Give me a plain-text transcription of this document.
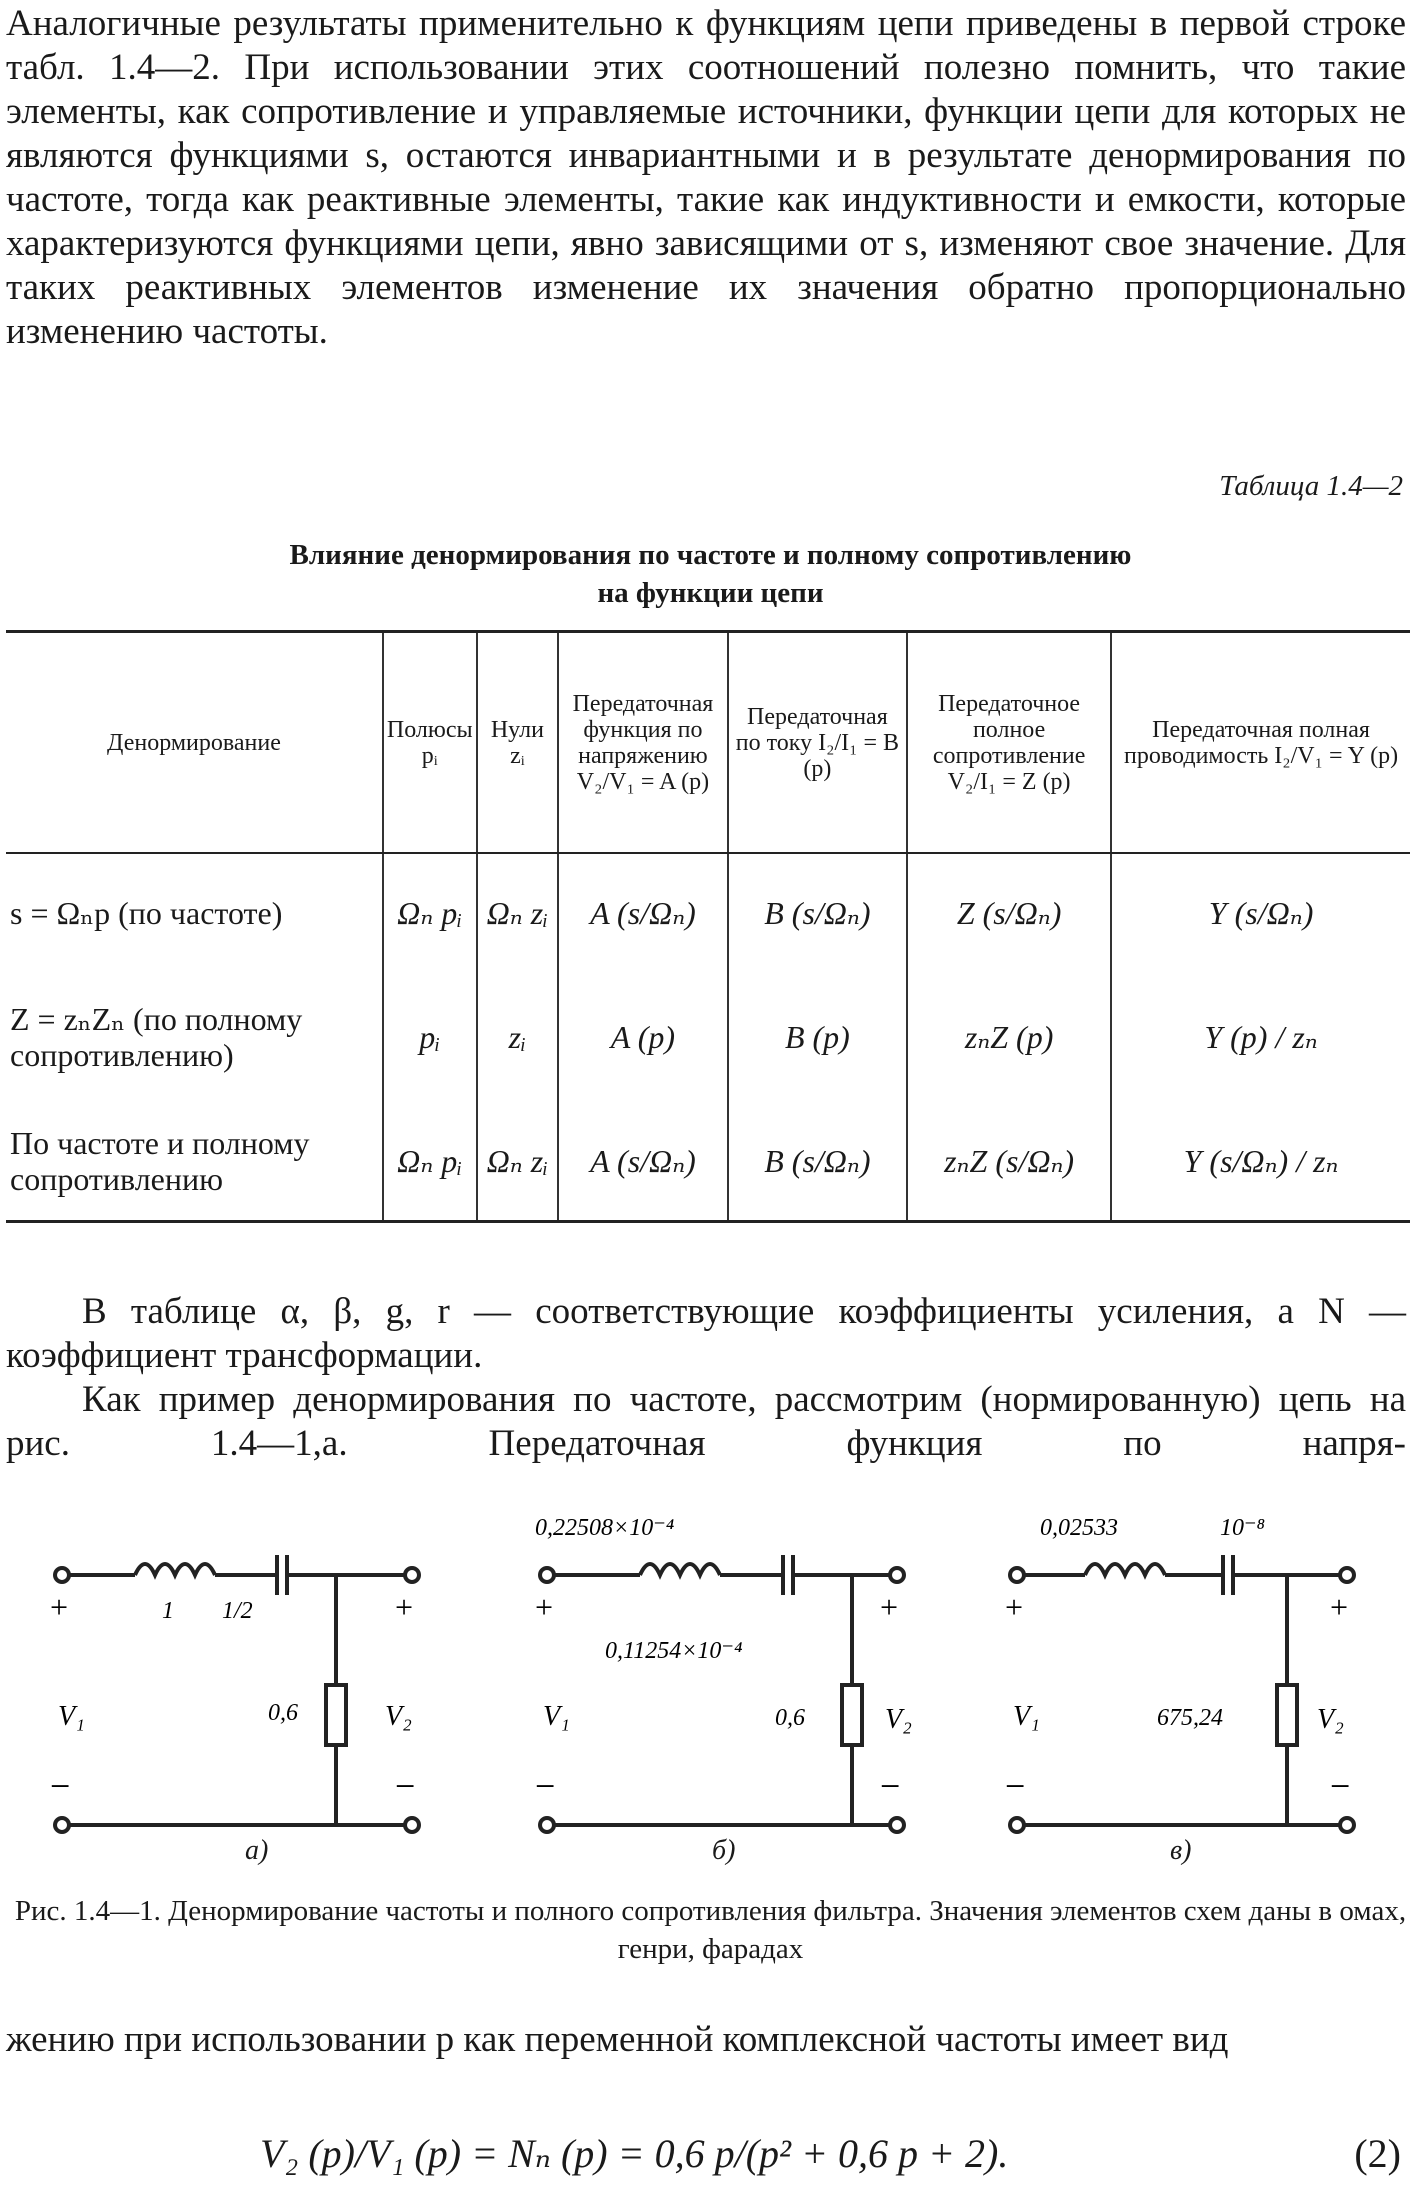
Аналогичные результаты применительно к функциям цепи приведены в первой строке табл. 1.4—2. При использовании этих соотношений полезно помнить, что такие элементы, как сопротивление и управляемые источники, функции цепи для которых не являются функциями s, остаются инвариантными и в результате денормирования по частоте, тогда как реактивные элементы, такие как индуктивности и емкости, которые характеризуются функциями цепи, явно зависящими от s, изменяют свое значение. Для таких реактивных элементов изменение их значения обратно пропорционально изменению частоты.
Таблица 1.4—2
Влияние денормирования по частоте и полному сопротивлению
на функции цепи
Денормирование	Полюсы pᵢ	Нули zᵢ	Передаточная функция по напряжению V₂/V₁ = A (p)	Передаточная по току I₂/I₁ = B (p)	Передаточное полное сопротивление V₂/I₁ = Z (p)	Передаточная полная проводимость I₂/V₁ = Y (p)
s = Ωₙp (по частоте)	Ωₙ pᵢ	Ωₙ zᵢ	A (s/Ωₙ)	B (s/Ωₙ)	Z (s/Ωₙ)	Y (s/Ωₙ)
Z = zₙZₙ (по полному сопротивлению)	pᵢ	zᵢ	A (p)	B (p)	zₙZ (p)	Y (p) / zₙ
По частоте и полному сопротивлению	Ωₙ pᵢ	Ωₙ zᵢ	A (s/Ωₙ)	B (s/Ωₙ)	zₙZ (s/Ωₙ)	Y (s/Ωₙ) / zₙ
В таблице α, β, g, r — соответствующие коэффициенты усиления, а N — коэффициент трансформации.
Как пример денормирования по частоте, рассмотрим (нормированную) цепь на рис. 1.4—1,а. Передаточная функция по напря-
+	+
−	−
V₁	V₂
1 1/2
0,6
+	+
−	−
V₁	V₂
0,22508×10⁻⁴
0,11254×10⁻⁴
0,6
+	+
−	−
V₁	V₂
0,02533	10⁻⁸
675,24
а)	б)	в)
Рис. 1.4—1. Денормирование частоты и полного сопротивления фильтра. Значения элементов схем даны в омах, генри, фарадах
жению при использовании p как переменной комплексной частоты имеет вид
V₂ (p)/V₁ (p) = Nₙ (p) = 0,6 p/(p² + 0,6 p + 2).	(2)
